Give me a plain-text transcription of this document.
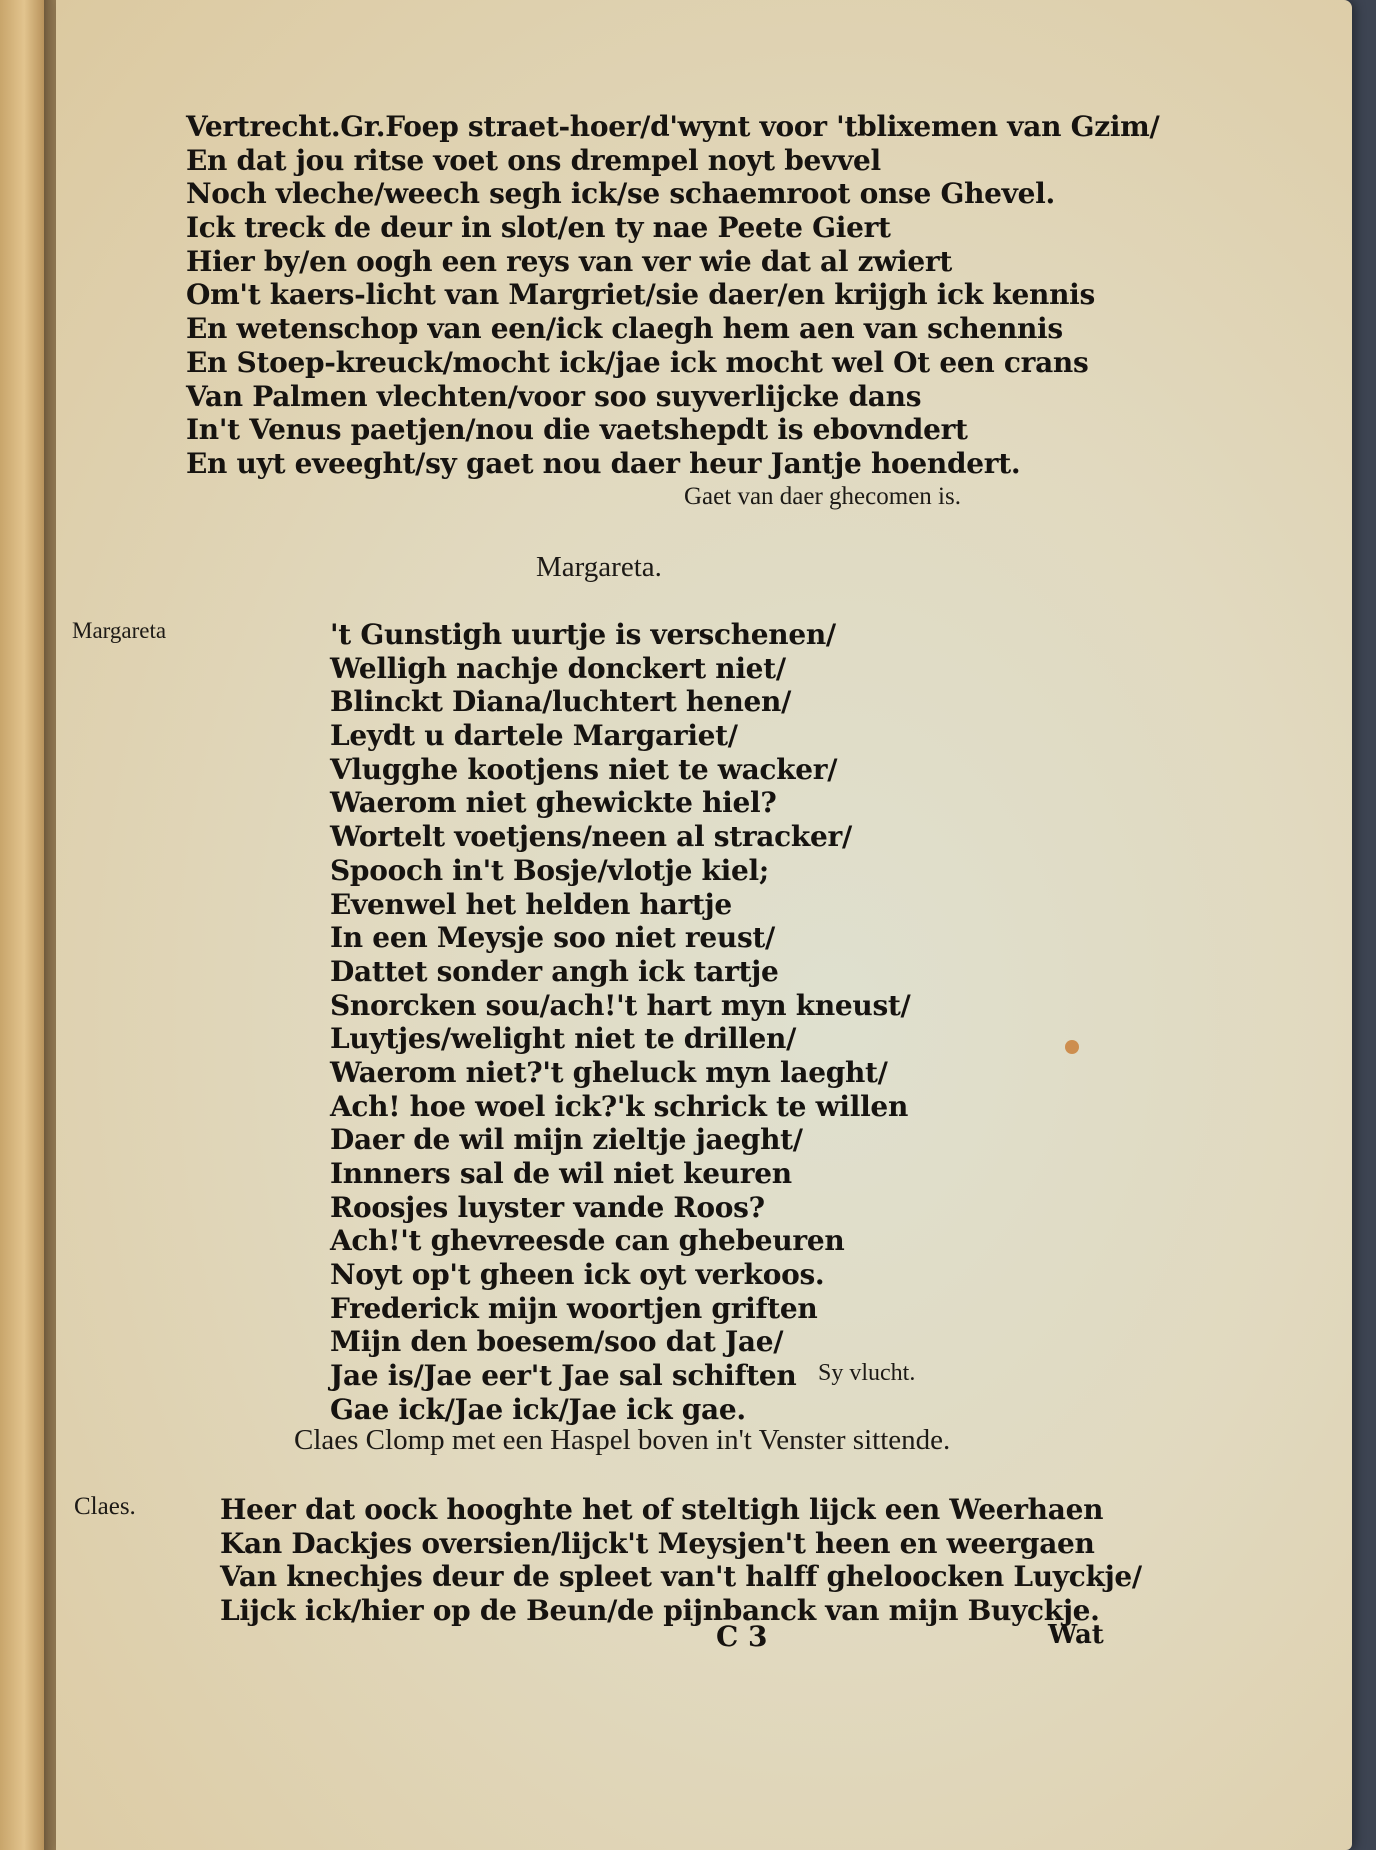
Vertrecht.Gr.Foep straet-hoer/d'wynt voor 'tblixemen van Gzim/
En dat jou ritse voet ons drempel noyt bevvel
Noch vleche/weech segh ick/se schaemroot onse Ghevel.
Ick treck de deur in slot/en ty nae Peete Giert
Hier by/en oogh een reys van ver wie dat al zwiert
Om't kaers-licht van Margriet/sie daer/en krijgh ick kennis
En wetenschop van een/ick claegh hem aen van schennis
En Stoep-kreuck/mocht ick/jae ick mocht wel Ot een crans
Van Palmen vlechten/voor soo suyverlijcke dans
In't Venus paetjen/nou die vaetshepdt is ebovndert
En uyt eveeght/sy gaet nou daer heur Jantje hoendert.
Gaet van daer ghecomen is.
Margareta.
Margareta	't Gunstigh uurtje is verschenen/
Welligh nachje donckert niet/
Blinckt Diana/luchtert henen/
Leydt u dartele Margariet/
Vlugghe kootjens niet te wacker/
Waerom niet ghewickte hiel?
Wortelt voetjens/neen al stracker/
Spooch in't Bosje/vlotje kiel;
Evenwel het helden hartje
In een Meysje soo niet reust/
Dattet sonder angh ick tartje
Snorcken sou/ach!'t hart myn kneust/
Luytjes/welight niet te drillen/
Waerom niet?'t gheluck myn laeght/
Ach! hoe woel ick?'k schrick te willen
Daer de wil mijn zieltje jaeght/
Innners sal de wil niet keuren
Roosjes luyster vande Roos?
Ach!'t ghevreesde can ghebeuren
Noyt op't gheen ick oyt verkoos.
Frederick mijn woortjen griften
Mijn den boesem/soo dat Jae/
Jae is/Jae eer't Jae sal schiften
Gae ick/Jae ick/Jae ick gae.
Sy vlucht.
Claes Clomp met een Haspel boven in't Venster sittende.
Claes.	Heer dat oock hooghte het of steltigh lijck een Weerhaen
Kan Dackjes oversien/lijck't Meysjen't heen en weergaen
Van knechjes deur de spleet van't halff gheloocken Luyckje/
Lijck ick/hier op de Beun/de pijnbanck van mijn Buyckje.
C 3	Wat
